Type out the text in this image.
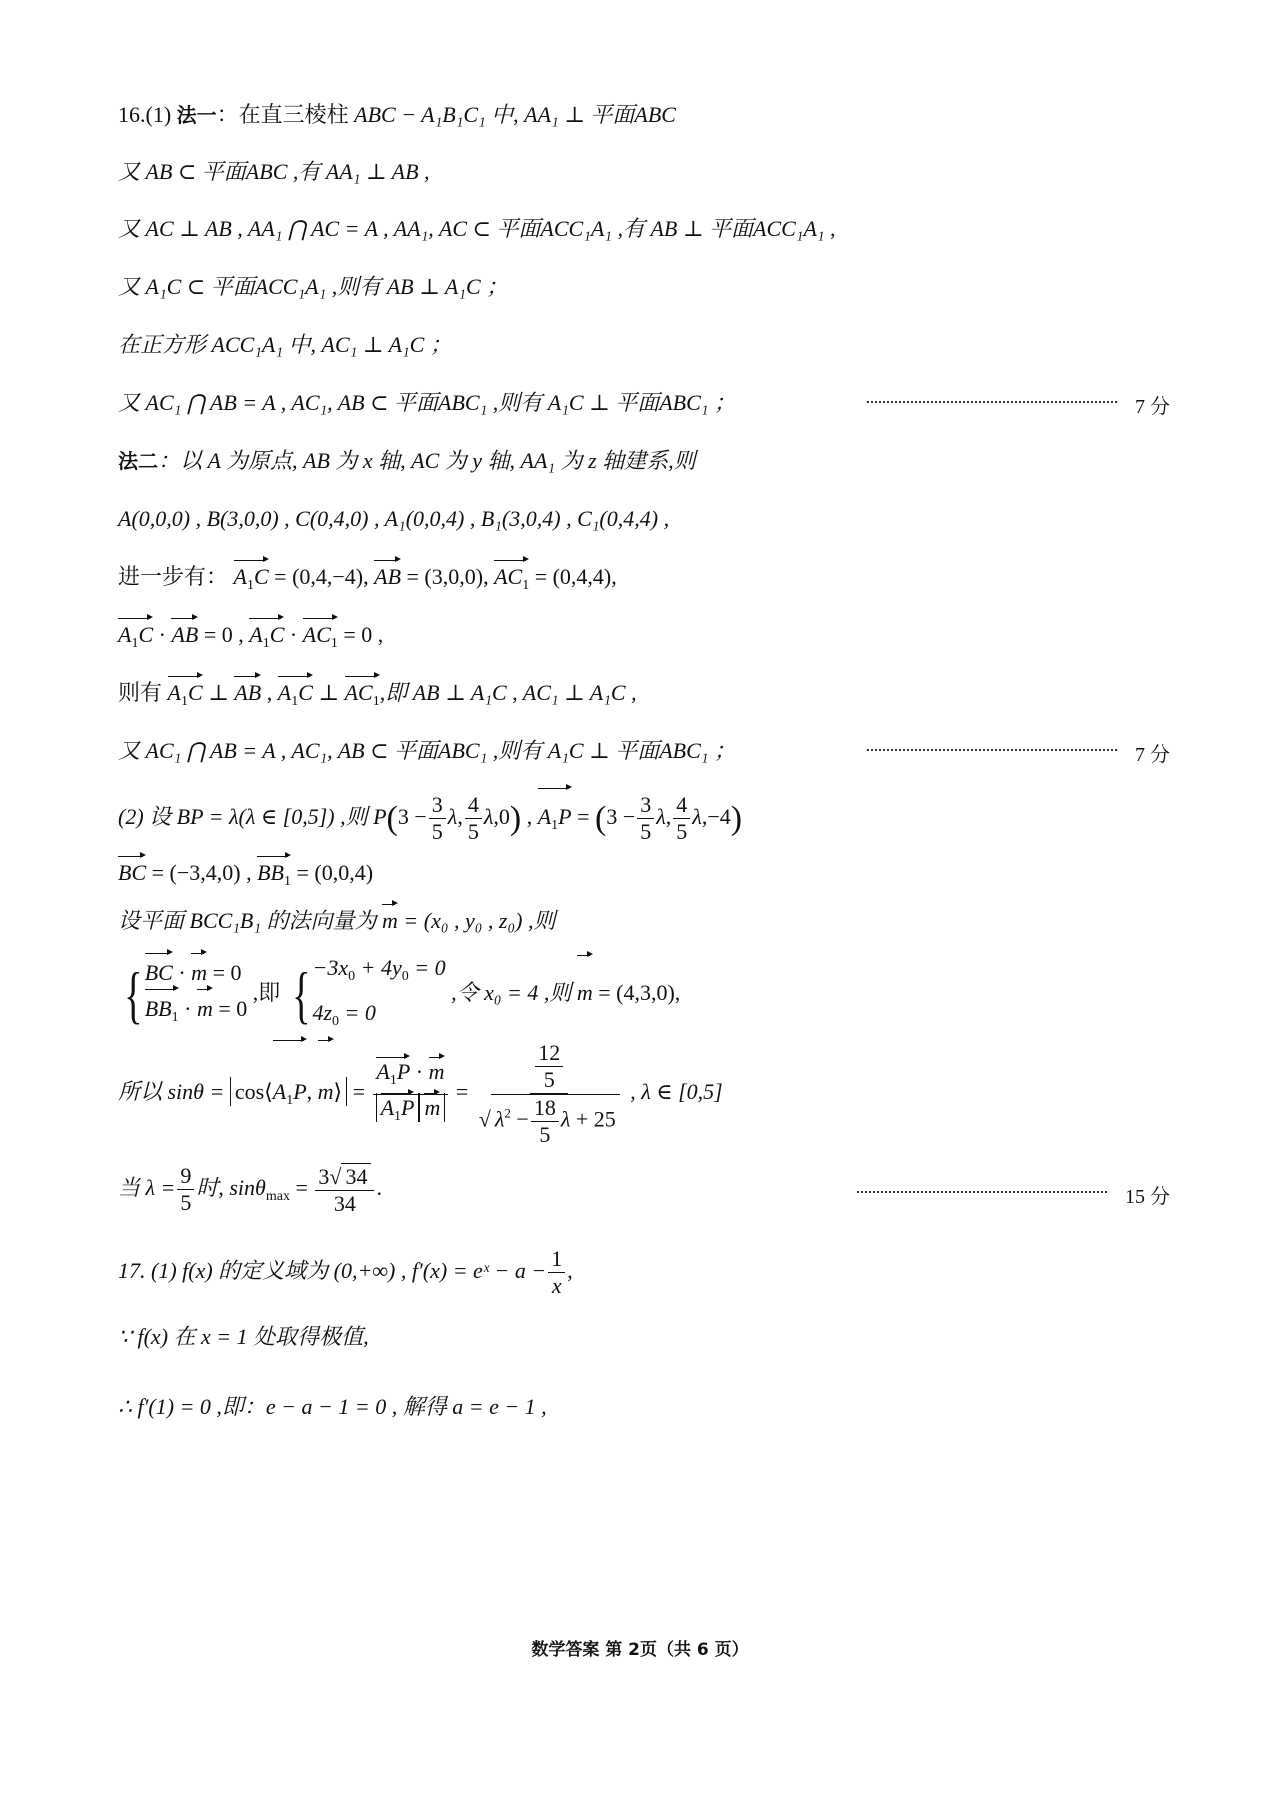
16.(1) 法一：在直三棱柱 ABC − A₁B₁C₁ 中, AA₁ ⊥ 平面ABC
又 AB ⊂ 平面ABC ,有 AA₁ ⊥ AB ,
又 AC ⊥ AB , AA₁ ⋂ AC = A , AA₁, AC ⊂ 平面ACC₁A₁ ,有 AB ⊥ 平面ACC₁A₁ ,
又 A₁C ⊂ 平面ACC₁A₁ ,则有 AB ⊥ A₁C ；
在正方形 ACC₁A₁ 中, AC₁ ⊥ A₁C ；
又 AC₁ ⋂ AB = A , AC₁, AB ⊂ 平面ABC₁ ,则有 A₁C ⊥ 平面ABC₁ ；	7 分
法二：以 A 为原点, AB 为 x 轴, AC 为 y 轴, AA₁ 为 z 轴建系,则
A(0,0,0) , B(3,0,0) , C(0,4,0) , A₁(0,0,4) , B₁(3,0,4) , C₁(0,4,4) ,
进一步有： $A_1C = (0,4,-4)$, AB = (3,0,0), $AC_1 = (0,4,4)$,
$A_1C$ · AB = 0 , $A_1C \cdot AC_1 = 0$ ,
则有 $A_1C$ ⊥ AB , $A_1C$ ⊥ $AC_1$,即 AB ⊥ A₁C , AC₁ ⊥ A₁C ,
又 AC₁ ⋂ AB = A , AC₁, AB ⊂ 平面ABC₁ ,则有 A₁C ⊥ 平面ABC₁ ；	7 分
(2) 设 BP = λ(λ ∈ [0,5]) ,则 $P(3 - \frac{3}{5} \lambda$, $\frac{4}{5} \lambda,0$) , $A_1P = (3 - \frac{3}{5} \lambda$, $\frac{4}{5} \lambda,-4$)
BC = (−3,4,0) , $BB_1 = (0,0,4)$
设平面 BCC₁B₁ 的法向量为 m = (x₀ , y₀ , z₀) ,则
{ BC · m = 0
$BB_1 \cdot m = 0$
,即 { $-3x_0 + 4y_0 = 0$
$4z_0 = 0$
,令 x₀ = 4 ,则 m = (4,3,0),
所以 $\sin\theta = \cos⟨A_1P$, m⟩ = $\frac{A_1P \cdot m}{A_1P m} = \frac{\frac{12}{5}}{√ \lambda^2 - \frac{18}{5} \lambda + 25}$ , λ ∈ [0,5]
当 $\lambda = \frac{9}{5}$ 时, $\sin\theta_{max} = \frac{3√ 34}{34}$ .	15 分
17. (1) f(x) 的定义域为 (0,+∞) , f′(x) = eˣ − $a - \frac{1}{x}$ ,
∵ f(x) 在 x = 1 处取得极值,
∴ f′(1) = 0 ,即：e − a − 1 = 0 , 解得 a = e − 1 ,
数学答案 第 2页（共 6 页）
